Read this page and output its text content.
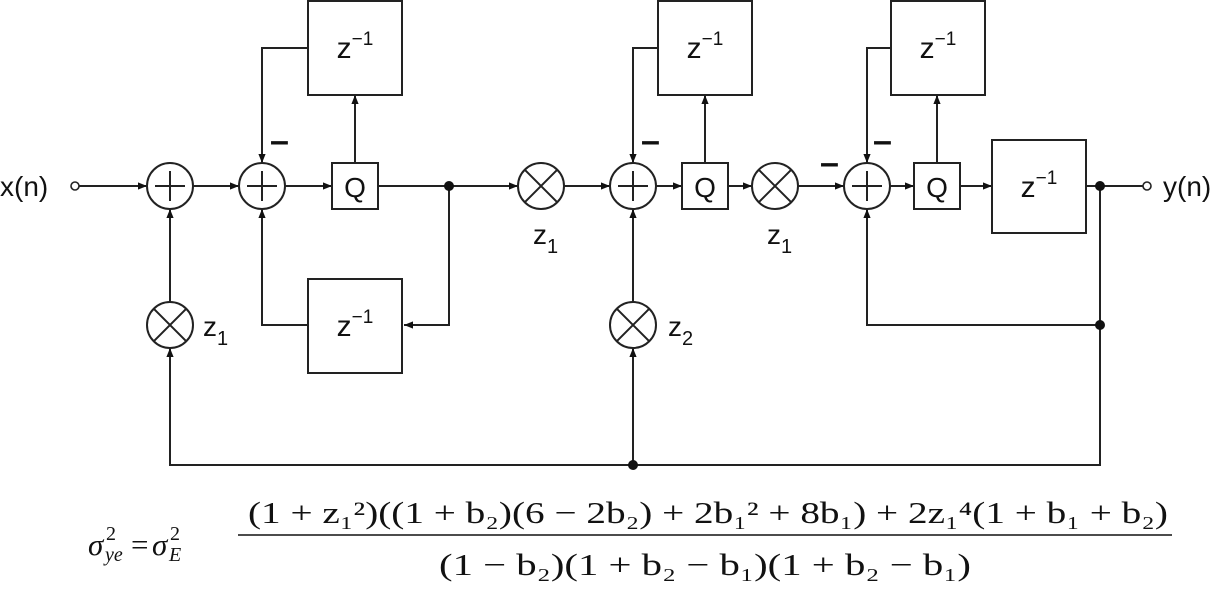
Q	Q	Q
$z^{-1}$
$z^{-1}$
$z^{-1}$	$z^{-1}$
$z^{-1}$
–	–	–
–
x(n)	y(n)
$z_1$
$z_1$
$z_2$
$z_1$
σ 2
ye = σ 2
E
(1 + z₁²)((1 + b₂)(6 − 2b₂) + 2b₁² + 8b₁) + 2z₁⁴(1 + b₁ + b₂)
(1 − b₂)(1 + b₂ − b₁)(1 + b₂ − b₁)
